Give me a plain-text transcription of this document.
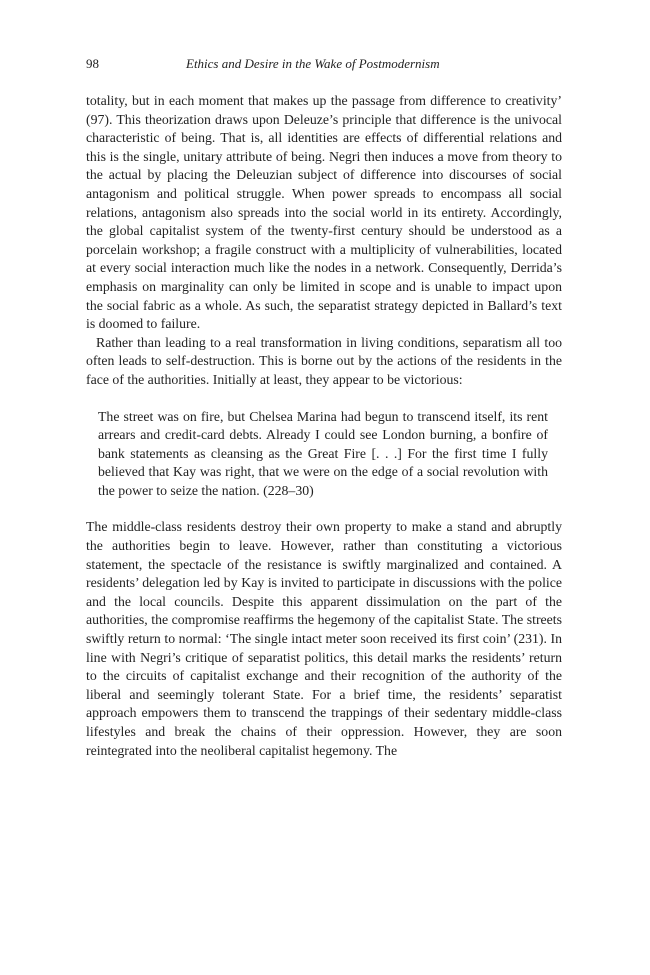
98	Ethics and Desire in the Wake of Postmodernism

totality, but in each moment that makes up the passage from difference to creativity’ (97). This theorization draws upon Deleuze’s principle that difference is the univocal characteristic of being. That is, all identities are effects of differential relations and this is the single, unitary attribute of being. Negri then induces a move from theory to the actual by placing the Deleuzian subject of difference into discourses of social antagonism and political struggle. When power spreads to encompass all social relations, antagonism also spreads into the social world in its entirety. Accordingly, the global capitalist system of the twenty-first century should be understood as a porcelain workshop; a fragile construct with a multiplicity of vulnerabilities, located at every social interaction much like the nodes in a network. Consequently, Derrida’s emphasis on marginality can only be limited in scope and is unable to impact upon the social fabric as a whole. As such, the separatist strategy depicted in Ballard’s text is doomed to failure.

Rather than leading to a real transformation in living conditions, separatism all too often leads to self-destruction. This is borne out by the actions of the residents in the face of the authorities. Initially at least, they appear to be victorious:

The street was on fire, but Chelsea Marina had begun to transcend itself, its rent arrears and credit-card debts. Already I could see London burning, a bonfire of bank statements as cleansing as the Great Fire [. . .] For the first time I fully believed that Kay was right, that we were on the edge of a social revolution with the power to seize the nation. (228–30)

The middle-class residents destroy their own property to make a stand and abruptly the authorities begin to leave. However, rather than constituting a victorious statement, the spectacle of the resistance is swiftly marginalized and contained. A residents’ delegation led by Kay is invited to participate in discussions with the police and the local councils. Despite this apparent dissimulation on the part of the authorities, the compromise reaffirms the hegemony of the capitalist State. The streets swiftly return to normal: ‘The single intact meter soon received its first coin’ (231). In line with Negri’s critique of separatist politics, this detail marks the residents’ return to the circuits of capitalist exchange and their recognition of the authority of the liberal and seemingly tolerant State. For a brief time, the residents’ separatist approach empowers them to transcend the trappings of their sedentary middle-class lifestyles and break the chains of their oppression. However, they are soon reintegrated into the neoliberal capitalist hegemony. The
